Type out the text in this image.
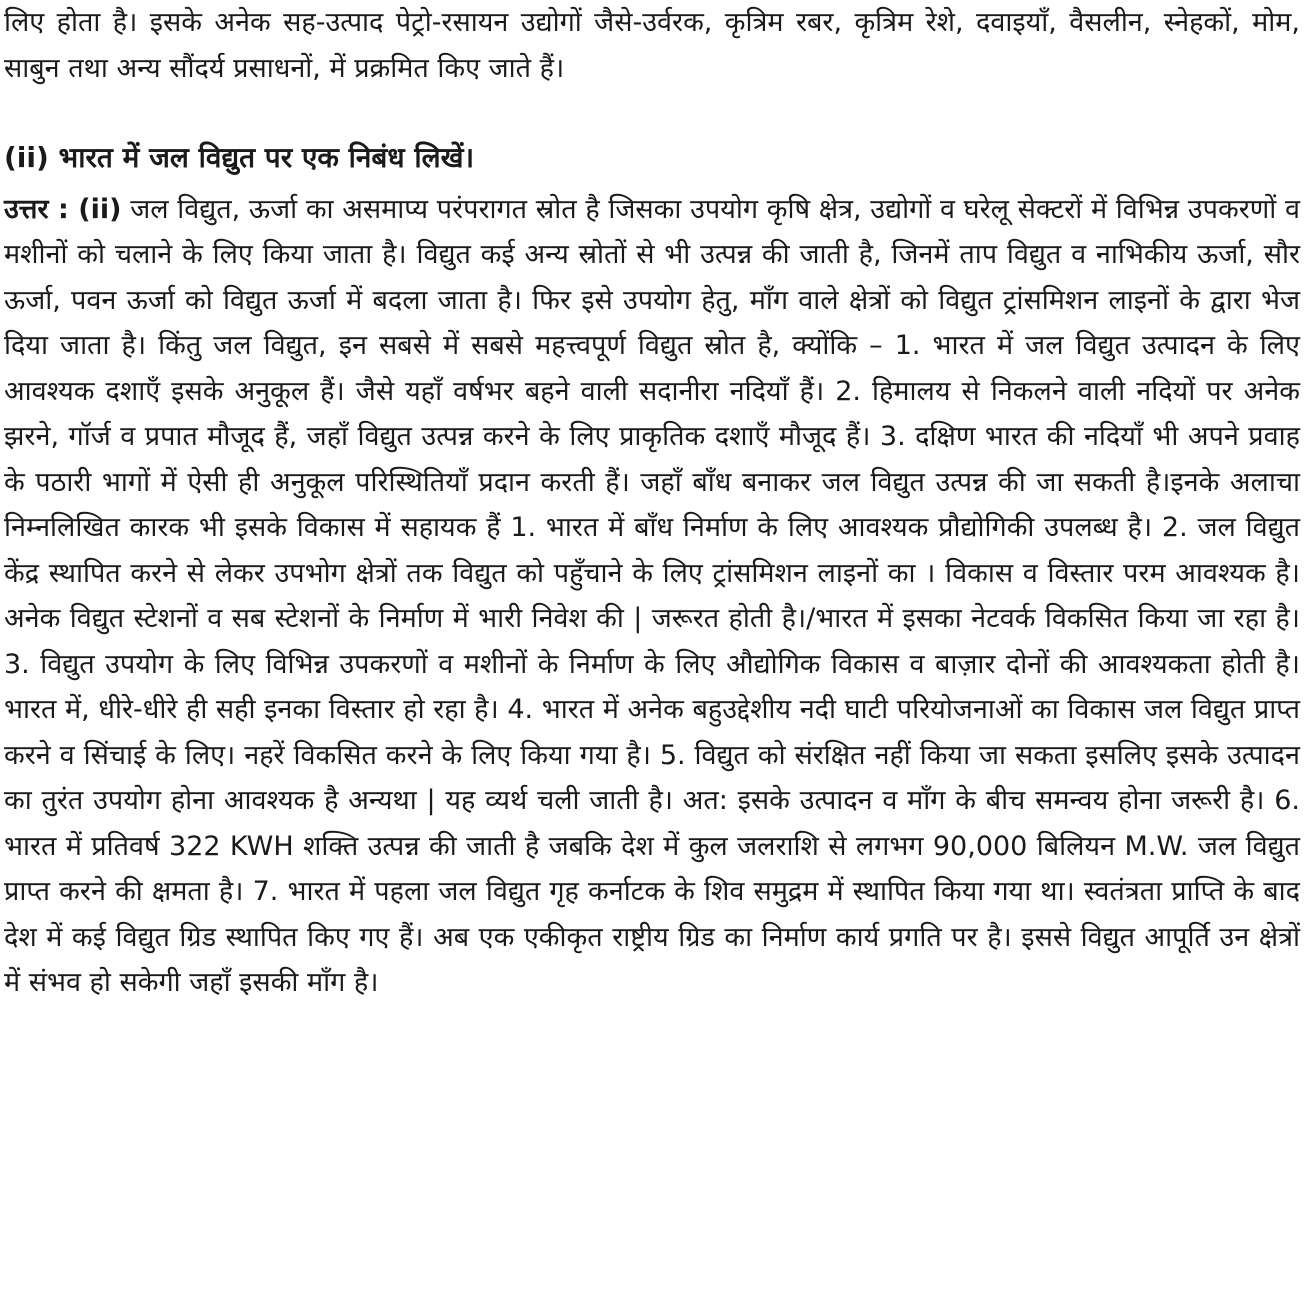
लिए होता है। इसके अनेक सह-उत्पाद पेट्रो-रसायन उद्योगों जैसे-उर्वरक, कृत्रिम रबर, कृत्रिम रेशे, दवाइयाँ, वैसलीन, स्नेहकों, मोम, साबुन तथा अन्य सौंदर्य प्रसाधनों, में प्रक्रमित किए जाते हैं।

(ii) भारत में जल विद्युत पर एक निबंध लिखें।

उत्तर : (ii) जल विद्युत, ऊर्जा का असमाप्य परंपरागत स्रोत है जिसका उपयोग कृषि क्षेत्र, उद्योगों व घरेलू सेक्टरों में विभिन्न उपकरणों व मशीनों को चलाने के लिए किया जाता है। विद्युत कई अन्य स्रोतों से भी उत्पन्न की जाती है, जिनमें ताप विद्युत व नाभिकीय ऊर्जा, सौर ऊर्जा, पवन ऊर्जा को विद्युत ऊर्जा में बदला जाता है। फिर इसे उपयोग हेतु, माँग वाले क्षेत्रों को विद्युत ट्रांसमिशन लाइनों के द्वारा भेज दिया जाता है। किंतु जल विद्युत, इन सबसे में सबसे महत्त्वपूर्ण विद्युत स्रोत है, क्योंकि – 1. भारत में जल विद्युत उत्पादन के लिए आवश्यक दशाएँ इसके अनुकूल हैं। जैसे यहाँ वर्षभर बहने वाली सदानीरा नदियाँ हैं। 2. हिमालय से निकलने वाली नदियों पर अनेक झरने, गॉर्ज व प्रपात मौजूद हैं, जहाँ विद्युत उत्पन्न करने के लिए प्राकृतिक दशाएँ मौजूद हैं। 3. दक्षिण भारत की नदियाँ भी अपने प्रवाह के पठारी भागों में ऐसी ही अनुकूल परिस्थितियाँ प्रदान करती हैं। जहाँ बाँध बनाकर जल विद्युत उत्पन्न की जा सकती है।इनके अलाचा निम्नलिखित कारक भी इसके विकास में सहायक हैं 1. भारत में बाँध निर्माण के लिए आवश्यक प्रौद्योगिकी उपलब्ध है। 2. जल विद्युत केंद्र स्थापित करने से लेकर उपभोग क्षेत्रों तक विद्युत को पहुँचाने के लिए ट्रांसमिशन लाइनों का । विकास व विस्तार परम आवश्यक है। अनेक विद्युत स्टेशनों व सब स्टेशनों के निर्माण में भारी निवेश की | जरूरत होती है।/भारत में इसका नेटवर्क विकसित किया जा रहा है। 3. विद्युत उपयोग के लिए विभिन्न उपकरणों व मशीनों के निर्माण के लिए औद्योगिक विकास व बाज़ार दोनों की आवश्यकता होती है। भारत में, धीरे-धीरे ही सही इनका विस्तार हो रहा है। 4. भारत में अनेक बहुउद्देशीय नदी घाटी परियोजनाओं का विकास जल विद्युत प्राप्त करने व सिंचाई के लिए। नहरें विकसित करने के लिए किया गया है। 5. विद्युत को संरक्षित नहीं किया जा सकता इसलिए इसके उत्पादन का तुरंत उपयोग होना आवश्यक है अन्यथा | यह व्यर्थ चली जाती है। अत: इसके उत्पादन व माँग के बीच समन्वय होना जरूरी है। 6. भारत में प्रतिवर्ष 322 KWH शक्ति उत्पन्न की जाती है जबकि देश में कुल जलराशि से लगभग 90,000 बिलियन M.W. जल विद्युत प्राप्त करने की क्षमता है। 7. भारत में पहला जल विद्युत गृह कर्नाटक के शिव समुद्रम में स्थापित किया गया था। स्वतंत्रता प्राप्ति के बाद देश में कई विद्युत ग्रिड स्थापित किए गए हैं। अब एक एकीकृत राष्ट्रीय ग्रिड का निर्माण कार्य प्रगति पर है। इससे विद्युत आपूर्ति उन क्षेत्रों में संभव हो सकेगी जहाँ इसकी माँग है।
